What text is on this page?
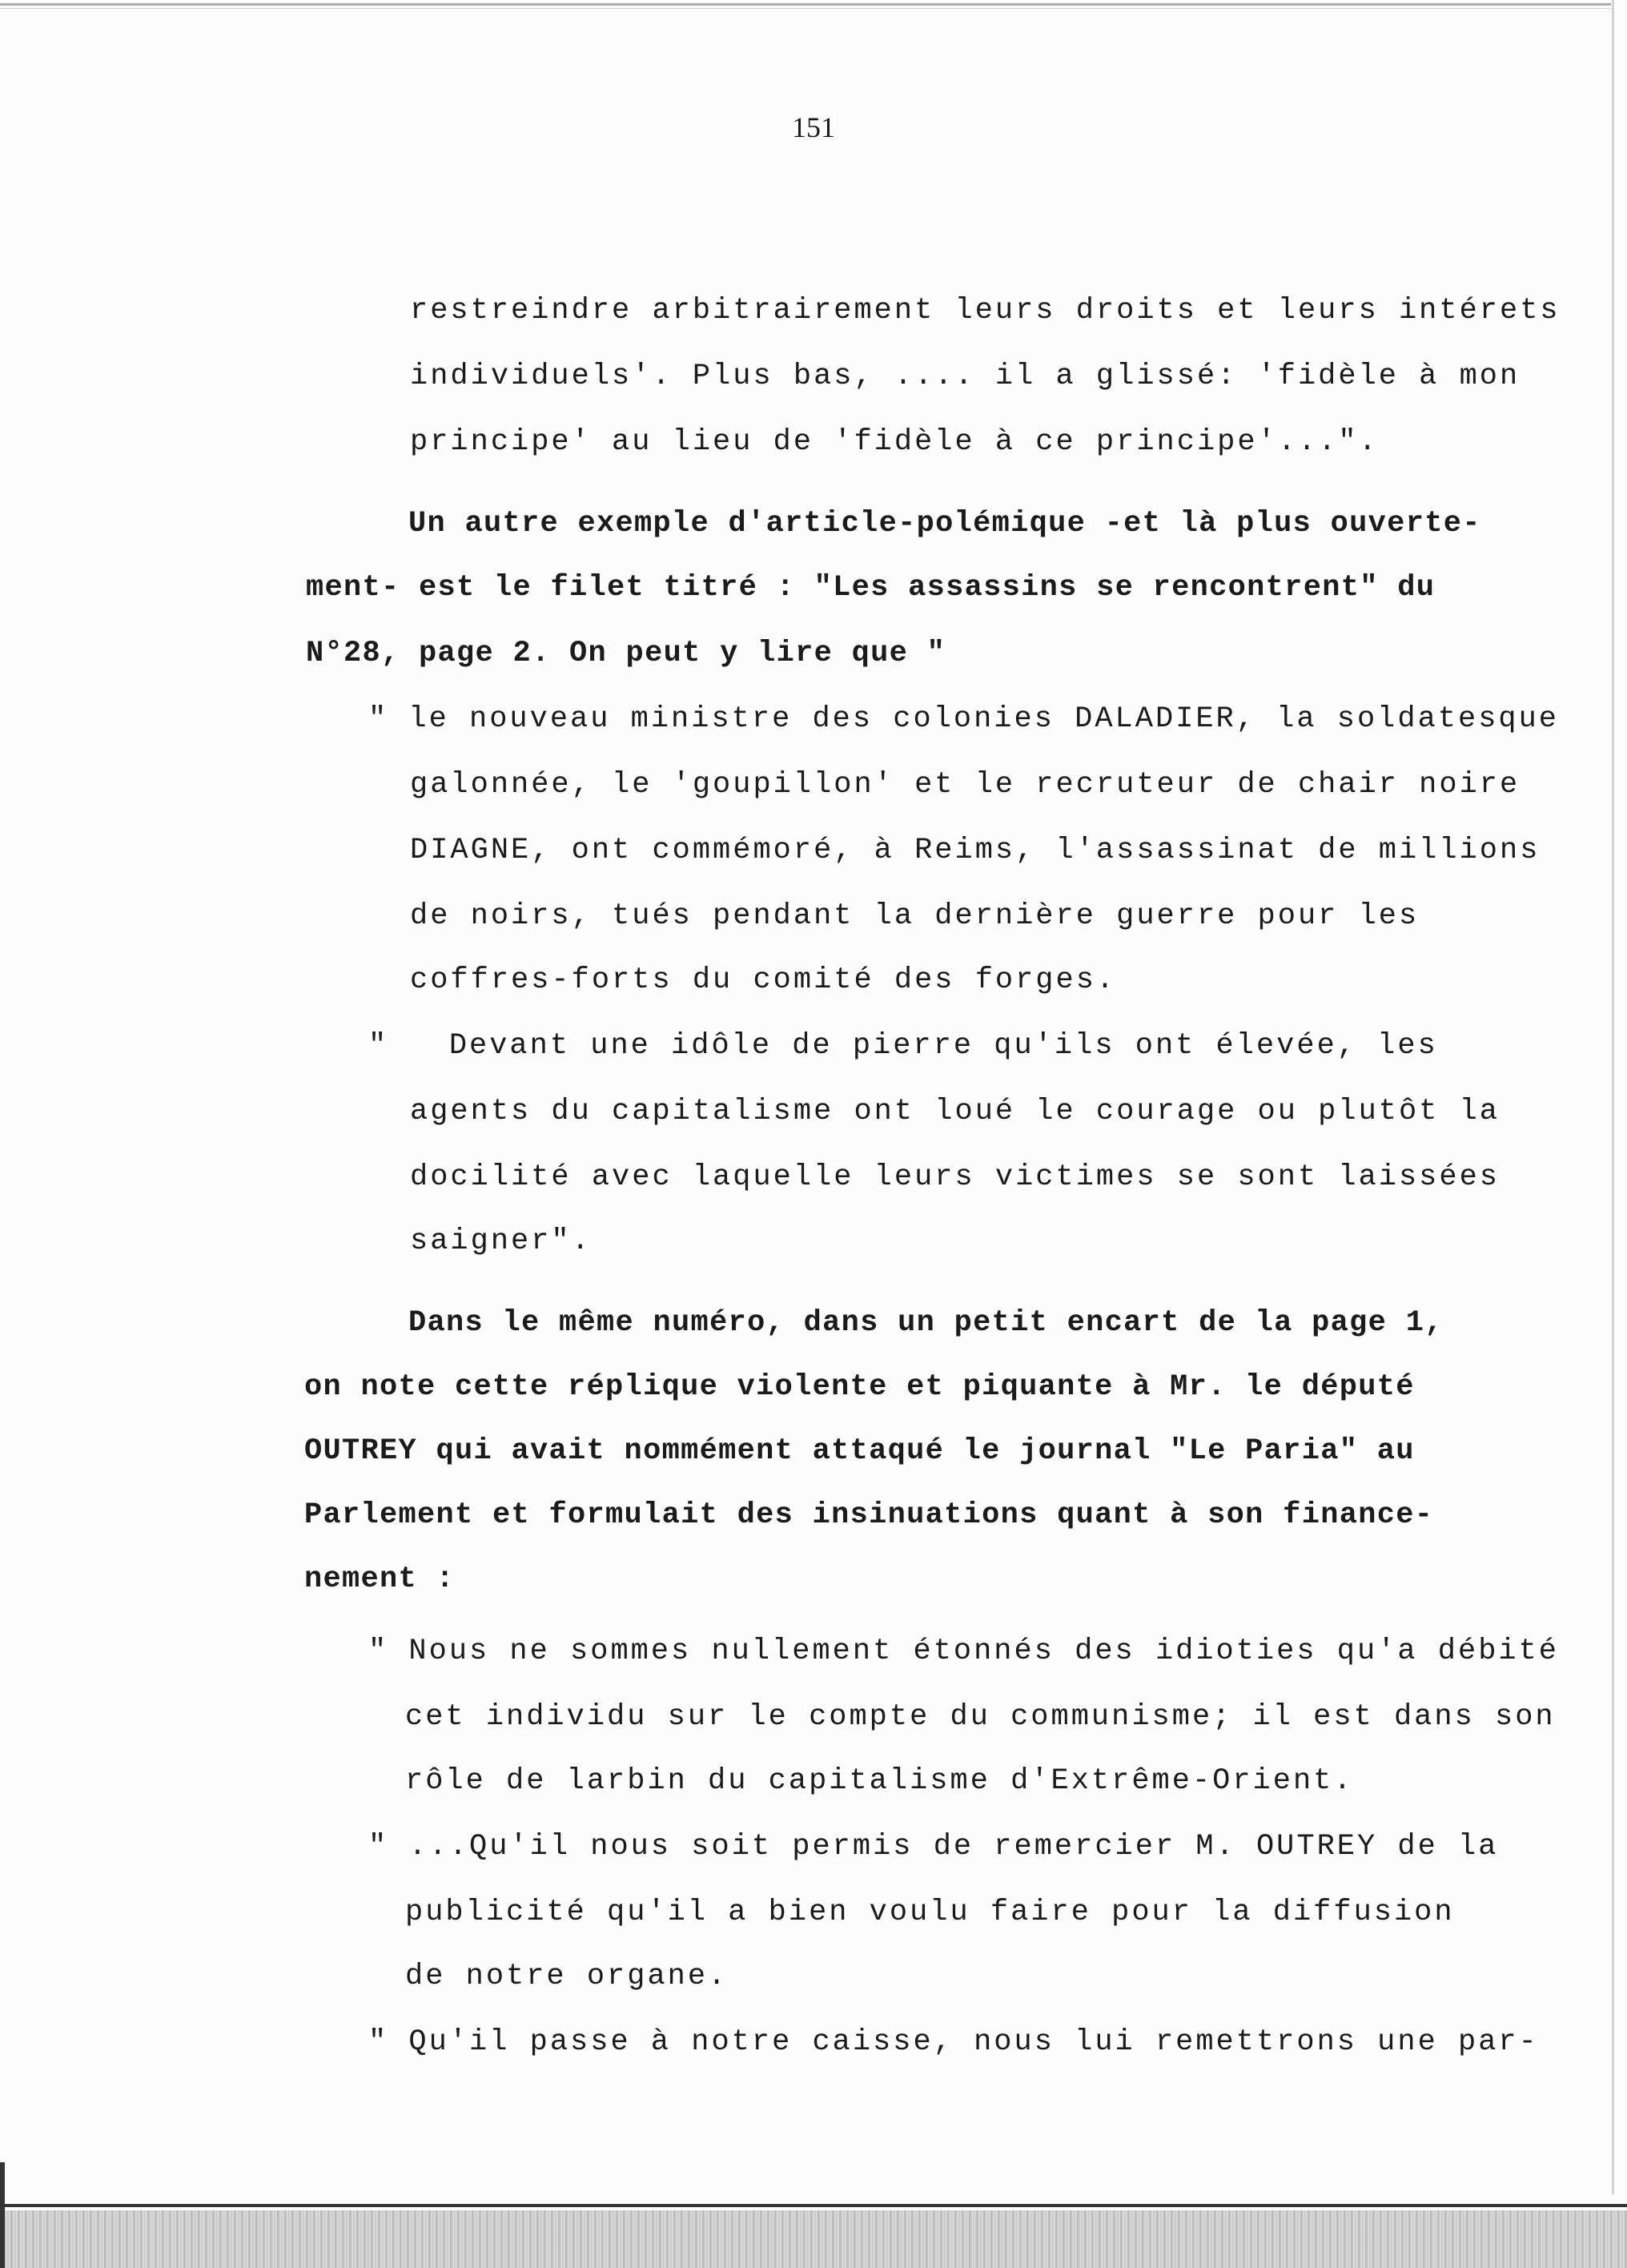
151
restreindre arbitrairement leurs droits et leurs intérets
individuels'. Plus bas, .... il a glissé: 'fidèle à mon
principe' au lieu de 'fidèle à ce principe'...".
Un autre exemple d'article-polémique -et là plus ouverte-
ment- est le filet titré : "Les assassins se rencontrent" du
N°28, page 2. On peut y lire que "
" le nouveau ministre des colonies DALADIER, la soldatesque
galonnée, le 'goupillon' et le recruteur de chair noire
DIAGNE, ont commémoré, à Reims, l'assassinat de millions
de noirs, tués pendant la dernière guerre pour les
coffres-forts du comité des forges.
"   Devant une idôle de pierre qu'ils ont élevée, les
agents du capitalisme ont loué le courage ou plutôt la
docilité avec laquelle leurs victimes se sont laissées
saigner".
Dans le même numéro, dans un petit encart de la page 1,
on note cette réplique violente et piquante à Mr. le député
OUTREY qui avait nommément attaqué le journal "Le Paria" au
Parlement et formulait des insinuations quant à son finance-
nement :
" Nous ne sommes nullement étonnés des idioties qu'a débité
cet individu sur le compte du communisme; il est dans son
rôle de larbin du capitalisme d'Extrême-Orient.
" ...Qu'il nous soit permis de remercier M. OUTREY de la
publicité qu'il a bien voulu faire pour la diffusion
de notre organe.
" Qu'il passe à notre caisse, nous lui remettrons une par-
